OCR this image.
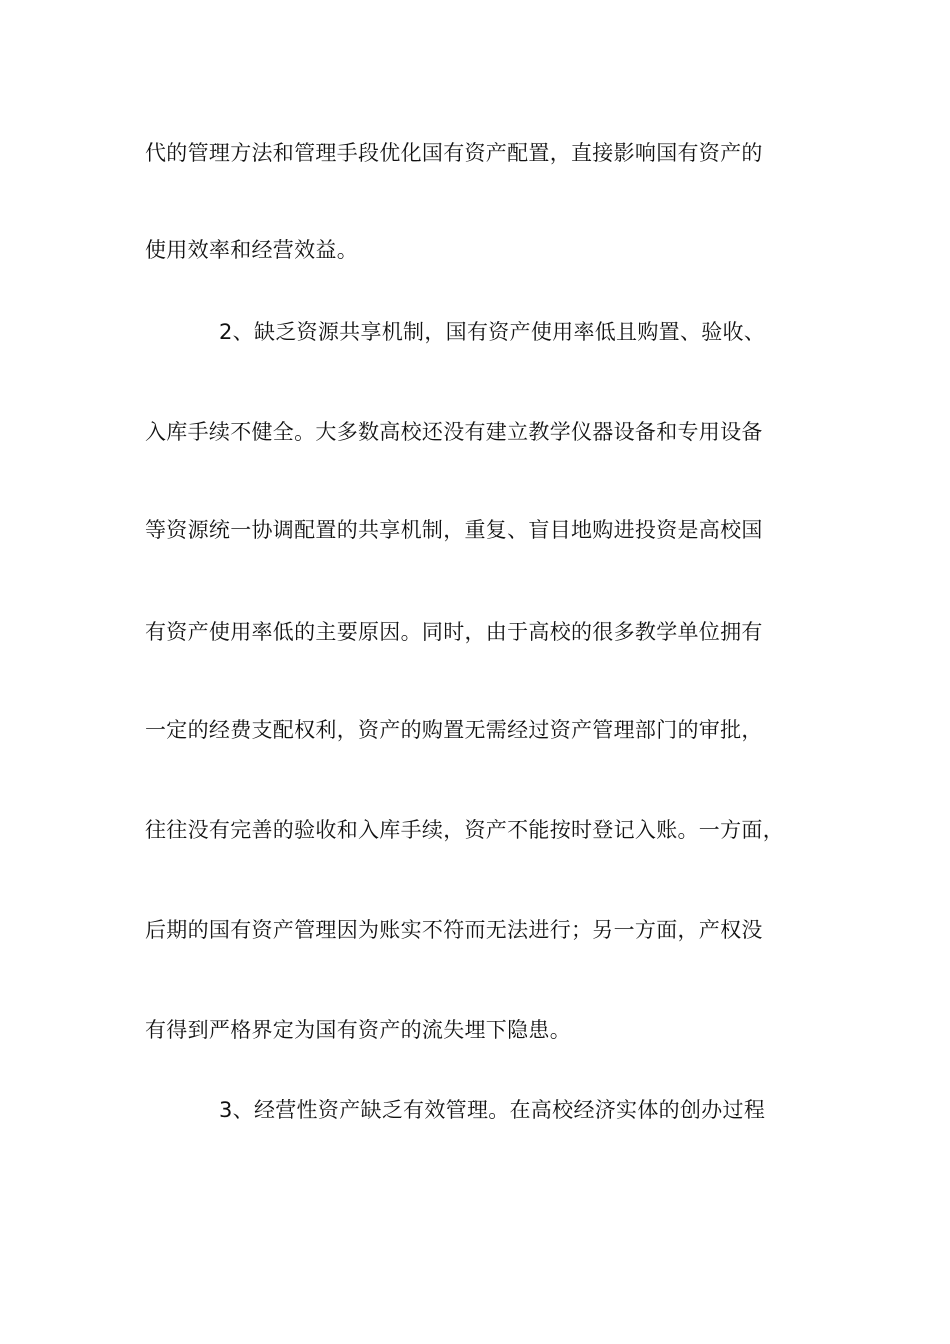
代的管理方法和管理手段优化国有资产配置，直接影响国有资产的
使用效率和经营效益。
2、缺乏资源共享机制，国有资产使用率低且购置、验收、
入库手续不健全。大多数高校还没有建立教学仪器设备和专用设备
等资源统一协调配置的共享机制，重复、盲目地购进投资是高校国
有资产使用率低的主要原因。同时，由于高校的很多教学单位拥有
一定的经费支配权利，资产的购置无需经过资产管理部门的审批，
往往没有完善的验收和入库手续，资产不能按时登记入账。一方面，
后期的国有资产管理因为账实不符而无法进行；另一方面，产权没
有得到严格界定为国有资产的流失埋下隐患。
3、经营性资产缺乏有效管理。在高校经济实体的创办过程
